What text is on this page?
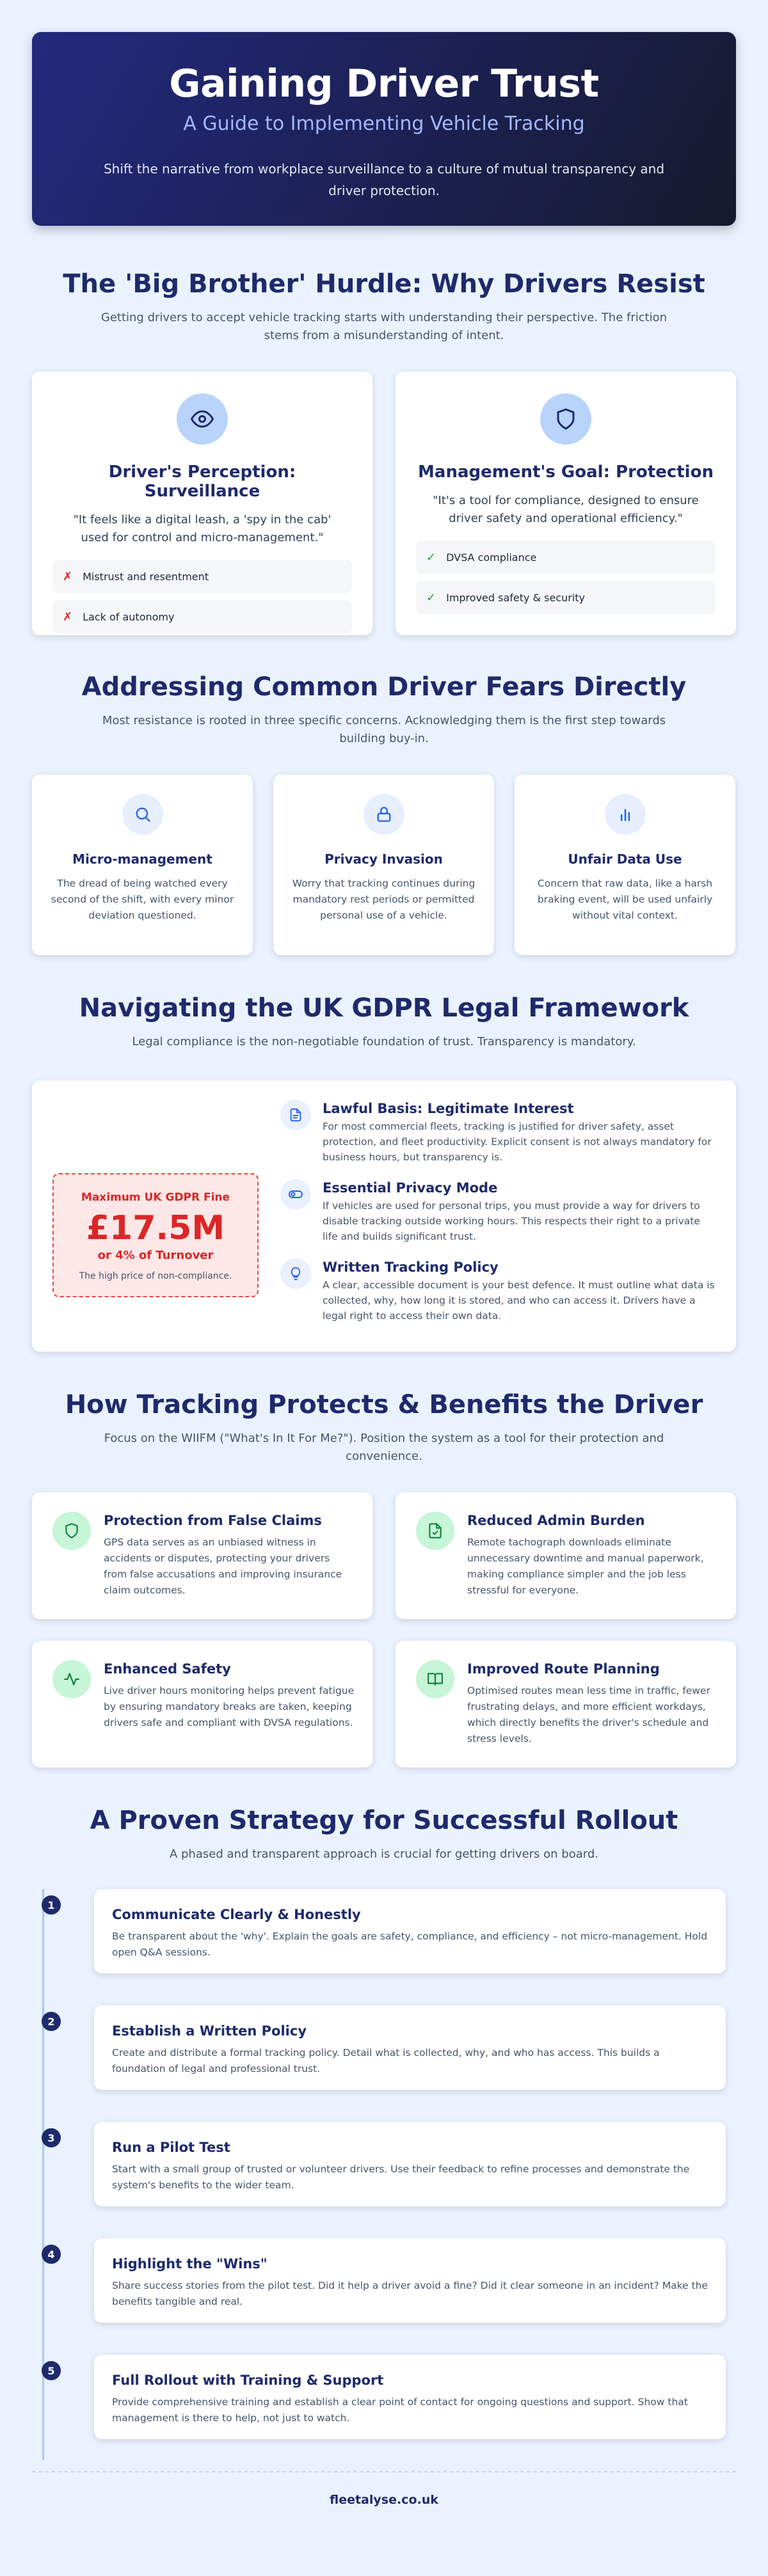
Gaining Driver Trust
A Guide to Implementing Vehicle Tracking

Shift the narrative from workplace surveillance to a culture of mutual transparency and driver protection.

The 'Big Brother' Hurdle: Why Drivers Resist

Getting drivers to accept vehicle tracking starts with understanding their perspective. The friction stems from a misunderstanding of intent.

Driver's Perception: Surveillance

"It feels like a digital leash, a 'spy in the cab' used for control and micro-management."

✗ Mistrust and resentment
✗ Lack of autonomy
Management's Goal: Protection

"It's a tool for compliance, designed to ensure driver safety and operational efficiency."

✓ DVSA compliance
✓ Improved safety & security
Addressing Common Driver Fears Directly

Most resistance is rooted in three specific concerns. Acknowledging them is the first step towards building buy-in.

Micro-management

The dread of being watched every second of the shift, with every minor deviation questioned.

Privacy Invasion

Worry that tracking continues during mandatory rest periods or permitted personal use of a vehicle.

Unfair Data Use

Concern that raw data, like a harsh braking event, will be used unfairly without vital context.

Navigating the UK GDPR Legal Framework

Legal compliance is the non-negotiable foundation of trust. Transparency is mandatory.

Maximum UK GDPR Fine
£17.5M
or 4% of Turnover
The high price of non-compliance.
Lawful Basis: Legitimate Interest

For most commercial fleets, tracking is justified for driver safety, asset protection, and fleet productivity. Explicit consent is not always mandatory for business hours, but transparency is.

Essential Privacy Mode

If vehicles are used for personal trips, you must provide a way for drivers to disable tracking outside working hours. This respects their right to a private life and builds significant trust.

Written Tracking Policy

A clear, accessible document is your best defence. It must outline what data is collected, why, how long it is stored, and who can access it. Drivers have a legal right to access their own data.

How Tracking Protects & Benefits the Driver

Focus on the WIIFM ("What's In It For Me?"). Position the system as a tool for their protection and convenience.

Protection from False Claims

GPS data serves as an unbiased witness in accidents or disputes, protecting your drivers from false accusations and improving insurance claim outcomes.

Reduced Admin Burden

Remote tachograph downloads eliminate unnecessary downtime and manual paperwork, making compliance simpler and the job less stressful for everyone.

Enhanced Safety

Live driver hours monitoring helps prevent fatigue by ensuring mandatory breaks are taken, keeping drivers safe and compliant with DVSA regulations.

Improved Route Planning

Optimised routes mean less time in traffic, fewer frustrating delays, and more efficient workdays, which directly benefits the driver's schedule and stress levels.

A Proven Strategy for Successful Rollout

A phased and transparent approach is crucial for getting drivers on board.

1
Communicate Clearly & Honestly

Be transparent about the 'why'. Explain the goals are safety, compliance, and efficiency – not micro-management. Hold open Q&A sessions.

2
Establish a Written Policy

Create and distribute a formal tracking policy. Detail what is collected, why, and who has access. This builds a foundation of legal and professional trust.

3
Run a Pilot Test

Start with a small group of trusted or volunteer drivers. Use their feedback to refine processes and demonstrate the system's benefits to the wider team.

4
Highlight the "Wins"

Share success stories from the pilot test. Did it help a driver avoid a fine? Did it clear someone in an incident? Make the benefits tangible and real.

5
Full Rollout with Training & Support

Provide comprehensive training and establish a clear point of contact for ongoing questions and support. Show that management is there to help, not just to watch.

fleetalyse.co.uk
